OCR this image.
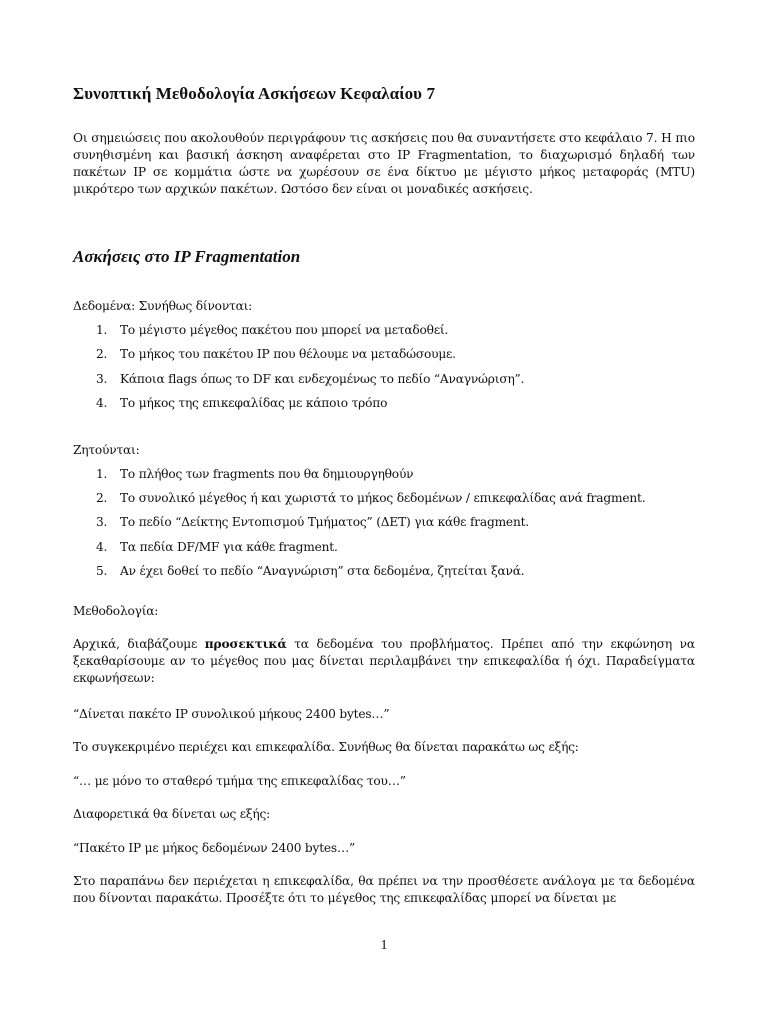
Συνοπτική Μεθοδολογία Ασκήσεων Κεφαλαίου 7
Οι σημειώσεις που ακολουθούν περιγράφουν τις ασκήσεις που θα συναντήσετε στο κεφάλαιο 7. Η πιο συνηθισμένη και βασική άσκηση αναφέρεται στο IP Fragmentation, το διαχωρισμό δηλαδή των πακέτων IP σε κομμάτια ώστε να χωρέσουν σε ένα δίκτυο με μέγιστο μήκος μεταφοράς (MTU) μικρότερο των αρχικών πακέτων. Ωστόσο δεν είναι οι μοναδικές ασκήσεις.
Ασκήσεις στο IP Fragmentation
Δεδομένα: Συνήθως δίνονται:
1. Το μέγιστο μέγεθος πακέτου που μπορεί να μεταδοθεί.
2. Το μήκος του πακέτου IP που θέλουμε να μεταδώσουμε.
3. Κάποια flags όπως το DF και ενδεχομένως το πεδίο “Αναγνώριση”.
4. Το μήκος της επικεφαλίδας με κάποιο τρόπο
Ζητούνται:
1. Το πλήθος των fragments που θα δημιουργηθούν
2. Το συνολικό μέγεθος ή και χωριστά το μήκος δεδομένων / επικεφαλίδας ανά fragment.
3. Το πεδίο “Δείκτης Εντοπισμού Τμήματος” (ΔΕΤ) για κάθε fragment.
4. Τα πεδία DF/MF για κάθε fragment.
5. Αν έχει δοθεί το πεδίο “Αναγνώριση” στα δεδομένα, ζητείται ξανά.
Μεθοδολογία:
Αρχικά, διαβάζουμε προσεκτικά τα δεδομένα του προβλήματος. Πρέπει από την εκφώνηση να ξεκαθαρίσουμε αν το μέγεθος που μας δίνεται περιλαμβάνει την επικεφαλίδα ή όχι. Παραδείγματα εκφωνήσεων:
“Δίνεται πακέτο IP συνολικού μήκους 2400 bytes…”
Το συγκεκριμένο περιέχει και επικεφαλίδα. Συνήθως θα δίνεται παρακάτω ως εξής:
“… με μόνο το σταθερό τμήμα της επικεφαλίδας του…”
Διαφορετικά θα δίνεται ως εξής:
“Πακέτο IP με μήκος δεδομένων 2400 bytes…”
Στο παραπάνω δεν περιέχεται η επικεφαλίδα, θα πρέπει να την προσθέσετε ανάλογα με τα δεδομένα που δίνονται παρακάτω. Προσέξτε ότι το μέγεθος της επικεφαλίδας μπορεί να δίνεται με
1
